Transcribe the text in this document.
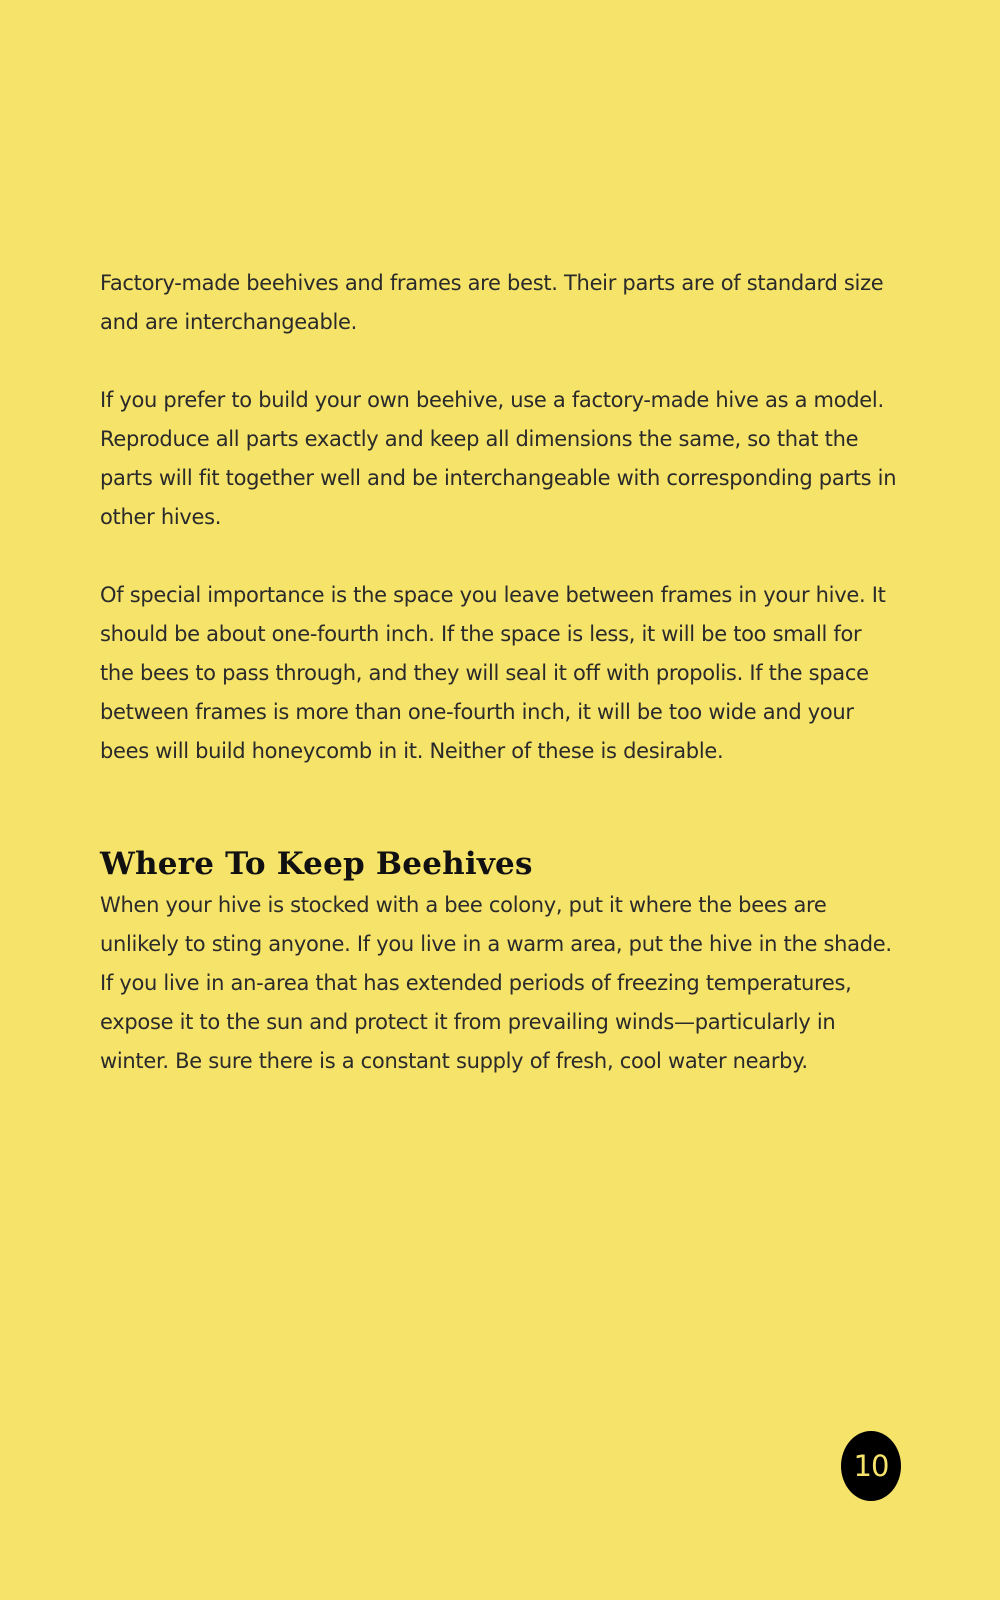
Factory-made beehives and frames are best. Their parts are of standard size and are interchangeable.

If you prefer to build your own beehive, use a factory-made hive as a model. Reproduce all parts exactly and keep all dimensions the same, so that the parts will fit together well and be interchangeable with corresponding parts in other hives.

Of special importance is the space you leave between frames in your hive. It should be about one-fourth inch. If the space is less, it will be too small for the bees to pass through, and they will seal it off with propolis. If the space between frames is more than one-fourth inch, it will be too wide and your bees will build honeycomb in it. Neither of these is desirable.

Where To Keep Beehives

When your hive is stocked with a bee colony, put it where the bees are unlikely to sting anyone. If you live in a warm area, put the hive in the shade. If you live in an-area that has extended periods of freezing temperatures, expose it to the sun and protect it from prevailing winds—particularly in winter. Be sure there is a constant supply of fresh, cool water nearby.

10
